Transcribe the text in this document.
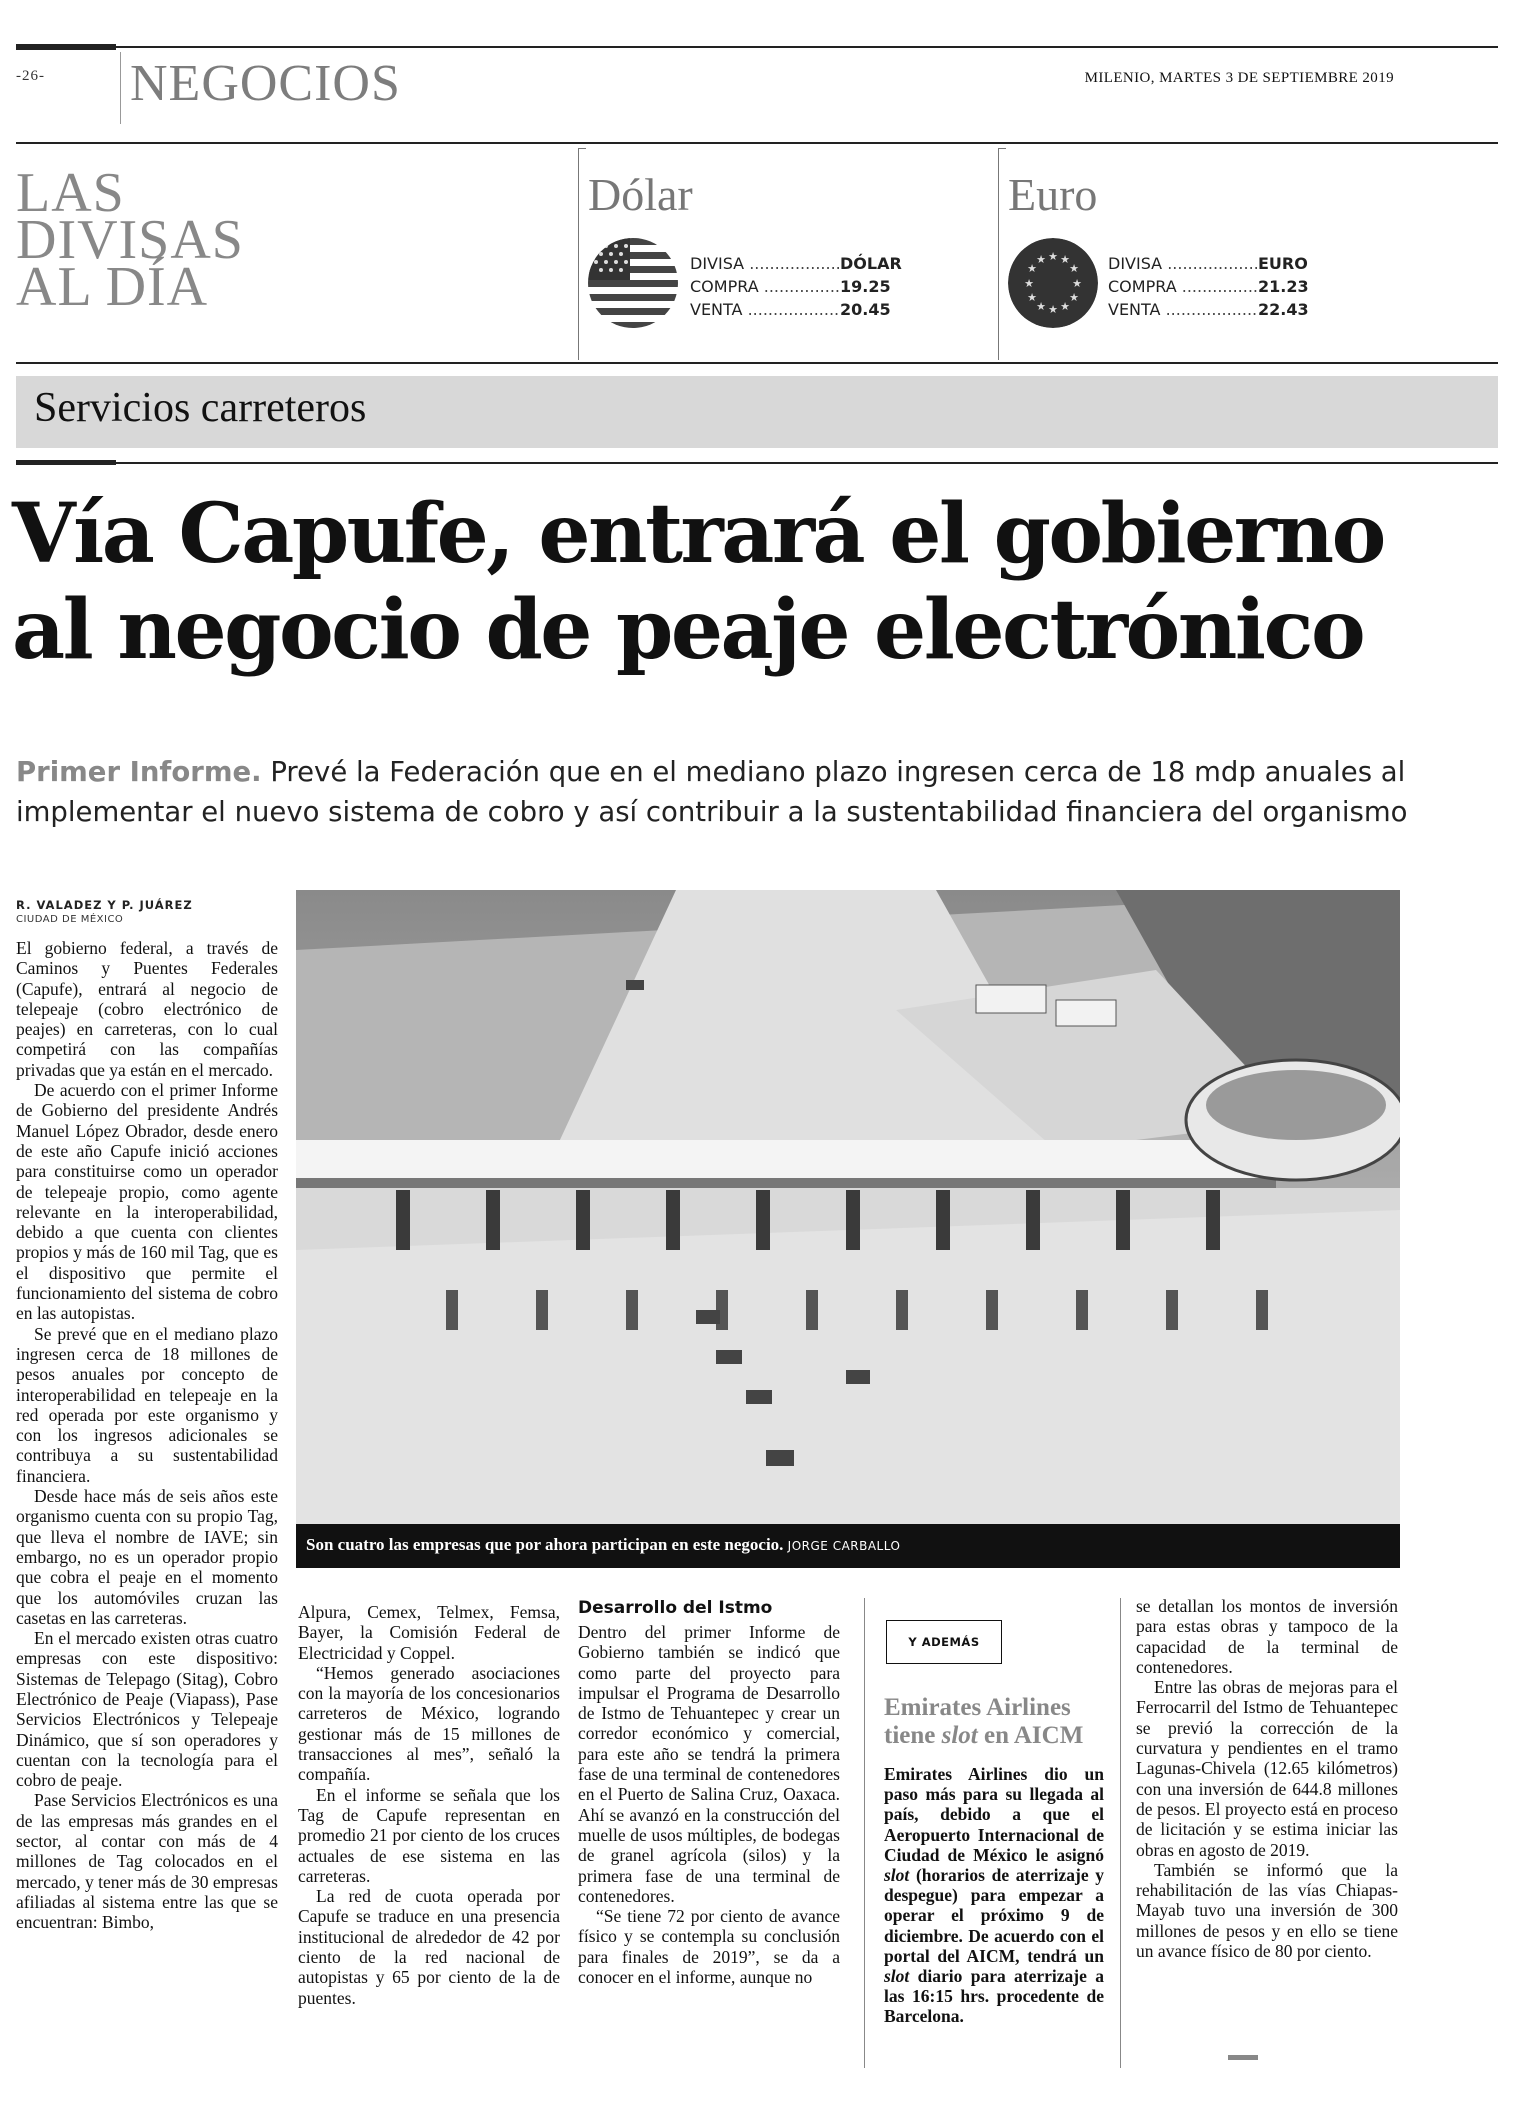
-26- NEGOCIOS	MILENIO, MARTES 3 DE SEPTIEMBRE 2019
LAS
DIVISAS
AL DÍA
Dólar
DIVISA .....	DÓLAR
COMPRA .....	19.25
VENTA .....	20.45
Euro
★ ★
★
★
★
★
★
★
★
★
★
★	DIVISA .....	EURO
COMPRA .....	21.23
VENTA .....	22.43
Servicios carreteros
Vía Capufe, entrará el gobierno
al negocio de peaje electrónico
Primer Informe. Prevé la Federación que en el mediano plazo ingresen cerca de 18 mdp anuales al implementar el nuevo sistema de cobro y así contribuir a la sustentabilidad financiera del organismo
R. VALADEZ Y P. JUÁREZ
CIUDAD DE MÉXICO

El gobierno federal, a través de Caminos y Puentes Federales (Capufe), entrará al negocio de telepeaje (cobro electrónico de peajes) en carreteras, con lo cual competirá con las compañías privadas que ya están en el mercado.

De acuerdo con el primer Informe de Gobierno del presidente Andrés Manuel López Obrador, desde enero de este año Capufe inició acciones para constituirse como un operador de telepeaje propio, como agente relevante en la interoperabilidad, debido a que cuenta con clientes propios y más de 160 mil Tag, que es el dispositivo que permite el funcionamiento del sistema de cobro en las autopistas.

Se prevé que en el mediano plazo ingresen cerca de 18 millones de pesos anuales por concepto de interoperabilidad en telepeaje en la red operada por este organismo y con los ingresos adicionales se contribuya a su sustentabilidad financiera.

Desde hace más de seis años este organismo cuenta con su propio Tag, que lleva el nombre de IAVE; sin embargo, no es un operador propio que cobra el peaje en el momento que los automóviles cruzan las casetas en las carreteras.

En el mercado existen otras cuatro empresas con este dispositivo: Sistemas de Telepago (Sitag), Cobro Electrónico de Peaje (Viapass), Pase Servicios Electrónicos y Telepeaje Dinámico, que sí son operadores y cuentan con la tecnología para el cobro de peaje.

Pase Servicios Electrónicos es una de las empresas más grandes en el sector, al contar con más de 4 millones de Tag colocados en el mercado, y tener más de 30 empresas afiliadas al sistema entre las que se encuentran: Bimbo,

Son cuatro las empresas que por ahora participan en este negocio. JORGE CARBALLO

Alpura, Cemex, Telmex, Femsa, Bayer, la Comisión Federal de Electricidad y Coppel.

“Hemos generado asociaciones con la mayoría de los concesionarios carreteros de México, logrando gestionar más de 15 millones de transacciones al mes”, señaló la compañía.

En el informe se señala que los Tag de Capufe representan en promedio 21 por ciento de los cruces actuales de ese sistema en las carreteras.

La red de cuota operada por Capufe se traduce en una presencia institucional de alrededor de 42 por ciento de la red nacional de autopistas y 65 por ciento de la de puentes.

Desarrollo del Istmo

Dentro del primer Informe de Gobierno también se indicó que como parte del proyecto para impulsar el Programa de Desarrollo de Istmo de Tehuantepec y crear un corredor económico y comercial, para este año se tendrá la primera fase de una terminal de contenedores en el Puerto de Salina Cruz, Oaxaca. Ahí se avanzó en la construcción del muelle de usos múltiples, de bodegas de granel agrícola (silos) y la primera fase de una terminal de contenedores.

“Se tiene 72 por ciento de avance físico y se contempla su conclusión para finales de 2019”, se da a conocer en el informe, aunque no

Y ADEMÁS
Emirates Airlines
tiene slot en AICM
Emirates Airlines dio un paso más para su llegada al país, debido a que el Aeropuerto Internacional de Ciudad de México le asignó slot (horarios de aterrizaje y despegue) para empezar a operar el próximo 9 de diciembre. De acuerdo con el portal del AICM, tendrá un slot diario para aterrizaje a las 16:15 hrs. procedente de Barcelona.

se detallan los montos de inversión para estas obras y tampoco de la capacidad de la terminal de contenedores.

Entre las obras de mejoras para el Ferrocarril del Istmo de Tehuantepec se previó la corrección de la curvatura y pendientes en el tramo Lagunas-Chivela (12.65 kilómetros) con una inversión de 644.8 millones de pesos. El proyecto está en proceso de licitación y se estima iniciar las obras en agosto de 2019.

También se informó que la rehabilitación de las vías Chiapas-Mayab tuvo una inversión de 300 millones de pesos y en ello se tiene un avance físico de 80 por ciento.
